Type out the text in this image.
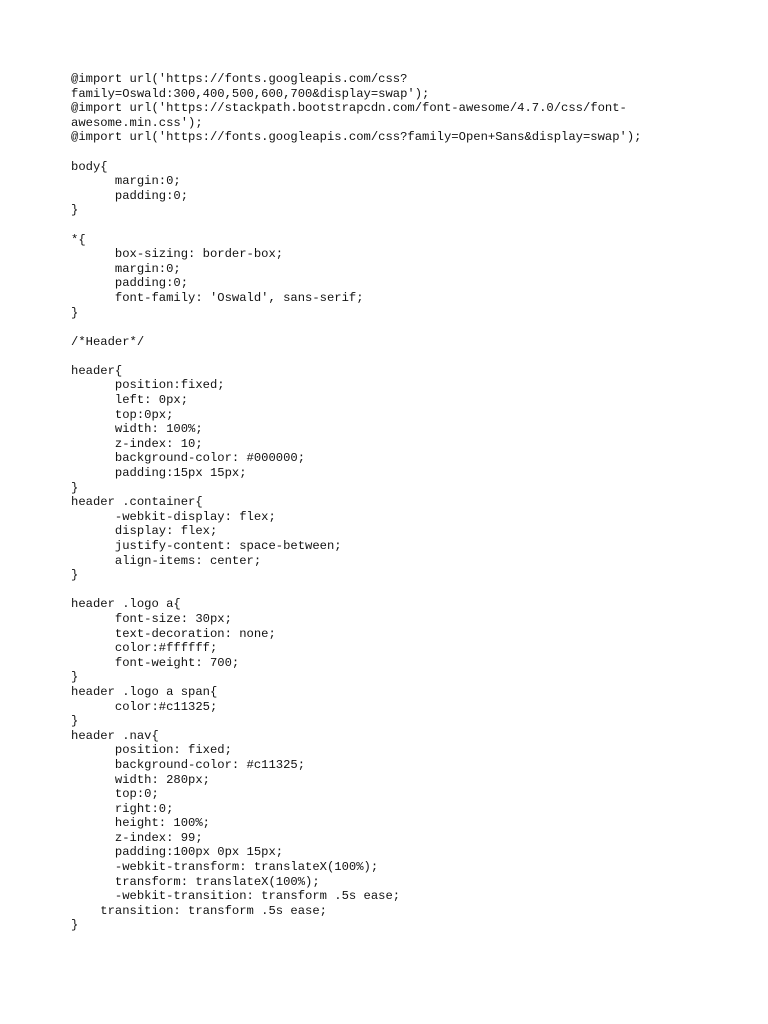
@import url('https://fonts.googleapis.com/css?
family=Oswald:300,400,500,600,700&display=swap');
@import url('https://stackpath.bootstrapcdn.com/font-awesome/4.7.0/css/font-
awesome.min.css');
@import url('https://fonts.googleapis.com/css?family=Open+Sans&display=swap');

body{
	margin:0;
	padding:0;
}

*{
	box-sizing: border-box;
	margin:0;
	padding:0;
	font-family: 'Oswald', sans-serif;
}

/*Header*/

header{
	position:fixed;
	left: 0px;
	top:0px;
	width: 100%;
	z-index: 10;
	background-color: #000000;
	padding:15px 15px;
}
header .container{
	-webkit-display: flex;
	display: flex;
	justify-content: space-between;
	align-items: center;
}

header .logo a{
	font-size: 30px;
	text-decoration: none;
	color:#ffffff;
	font-weight: 700;
}
header .logo a span{
	color:#c11325;
}
header .nav{
	position: fixed;
	background-color: #c11325;
	width: 280px;
	top:0;
	right:0;
	height: 100%;
	z-index: 99;
	padding:100px 0px 15px;
	-webkit-transform: translateX(100%);
	transform: translateX(100%);
	-webkit-transition: transform .5s ease;
transition: transform .5s ease;
}
